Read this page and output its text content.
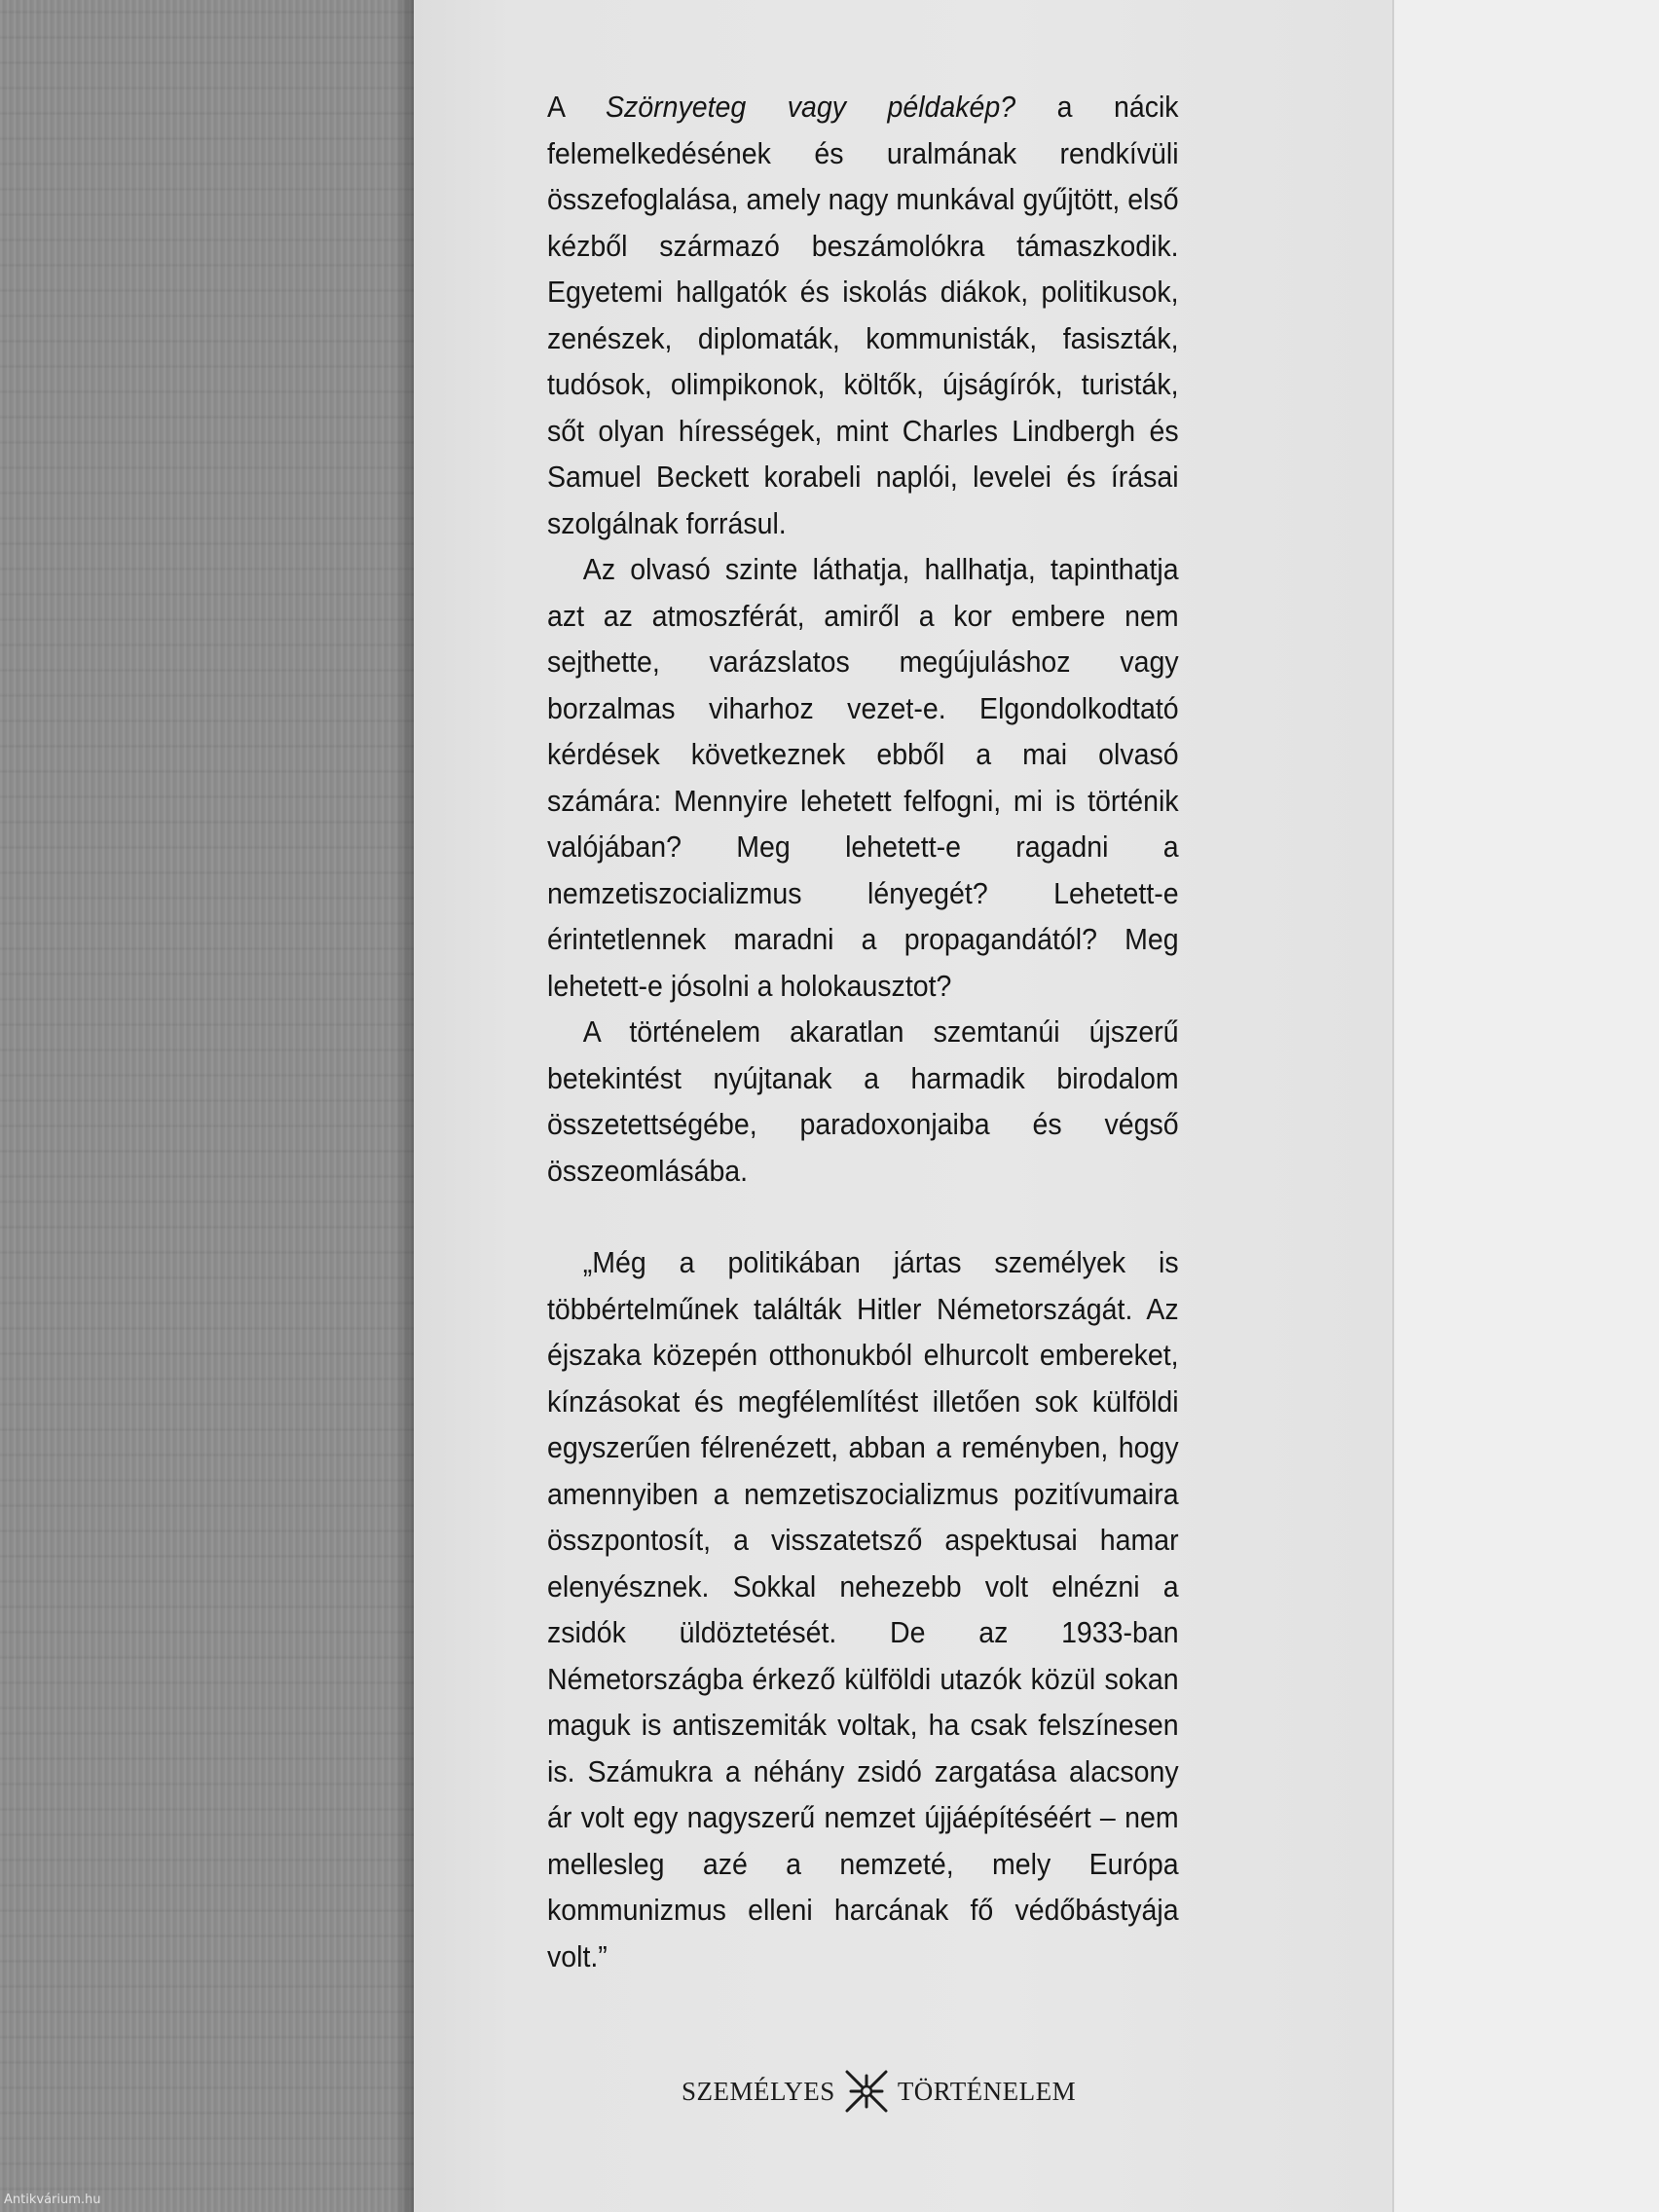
A Szörnyeteg vagy példakép? a nácik felemelkedésének és uralmának rendkívüli összefoglalása, amely nagy munkával gyűjtött, első kézből származó beszámolókra támaszkodik. Egyetemi hallgatók és iskolás diákok, politikusok, zenészek, diplomaták, kommunisták, fasiszták, tudósok, olimpikonok, költők, újságírók, turisták, sőt olyan hírességek, mint Charles Lindbergh és Samuel Beckett korabeli naplói, levelei és írásai szolgálnak forrásul.

Az olvasó szinte láthatja, hallhatja, tapinthatja azt az atmoszférát, amiről a kor embere nem sejthette, varázslatos megújuláshoz vagy borzalmas viharhoz vezet-e. Elgondolkodtató kérdések következnek ebből a mai olvasó számára: Mennyire lehetett felfogni, mi is történik valójában? Meg lehetett-e ragadni a nemzetiszocializmus lényegét? Lehetett-e érintetlennek maradni a propagandától? Meg lehetett-e jósolni a holokausztot?

A történelem akaratlan szemtanúi újszerű betekintést nyújtanak a harmadik birodalom összetettségébe, paradoxonjaiba és végső összeomlásába.

„Még a politikában jártas személyek is többértelműnek találták Hitler Németországát. Az éjszaka közepén otthonukból elhurcolt embereket, kínzásokat és megfélemlítést illetően sok külföldi egyszerűen félrenézett, abban a reményben, hogy amennyiben a nemzetiszocializmus pozitívumaira összpontosít, a visszatetsző aspektusai hamar elenyésznek. Sokkal nehezebb volt elnézni a zsidók üldöztetését. De az 1933-ban Németországba érkező külföldi utazók közül sokan maguk is antiszemiták voltak, ha csak felszínesen is. Számukra a néhány zsidó zargatása alacsony ár volt egy nagyszerű nemzet újjáépítéséért – nem mellesleg azé a nemzeté, mely Európa kommunizmus elleni harcának fő védőbástyája volt.”

SZEMÉLYES TÖRTÉNELEM
Antikvárium.hu
